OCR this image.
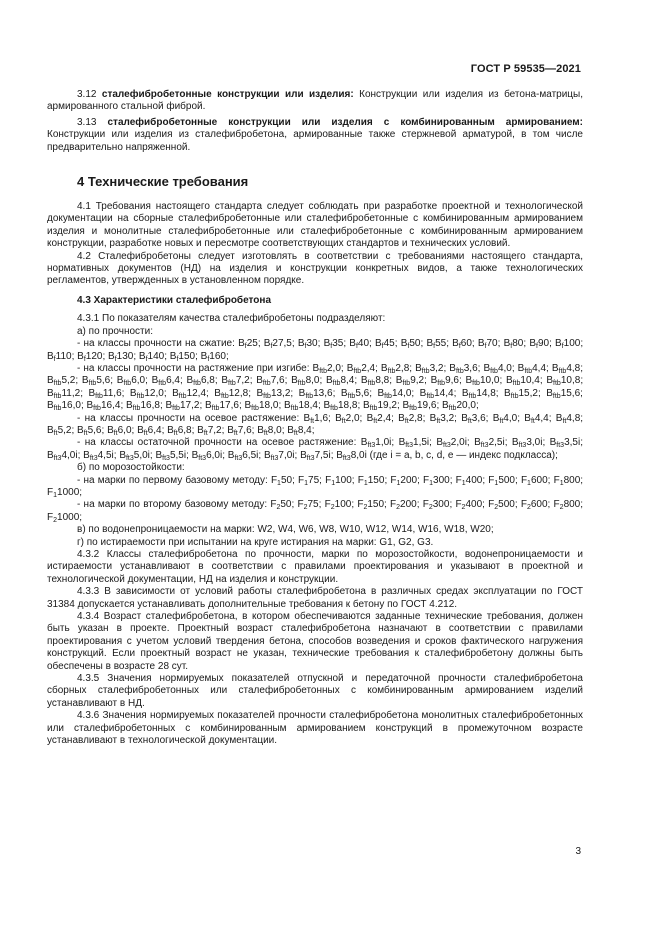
ГОСТ Р 59535—2021

3.12 сталефибробетонные конструкции или изделия: Конструкции или изделия из бетона-матрицы, армированного стальной фиброй.

3.13 сталефибробетонные конструкции или изделия с комбинированным армированием: Конструкции или изделия из сталефибробетона, армированные также стержневой арматурой, в том числе предварительно напряженной.

4 Технические требования

4.1 Требования настоящего стандарта следует соблюдать при разработке проектной и технологической документации на сборные сталефибробетонные или сталефибробетонные с комбинированным армированием изделия и монолитные сталефибробетонные или сталефибробетонные с комбинированным армированием конструкции, разработке новых и пересмотре соответствующих стандартов и технических условий.

4.2 Сталефибробетоны следует изготовлять в соответствии с требованиями настоящего стандарта, нормативных документов (НД) на изделия и конструкции конкретных видов, а также технологических регламентов, утвержденных в установленном порядке.

4.3 Характеристики сталефибробетона

4.3.1 По показателям качества сталефибробетоны подразделяют:

а) по прочности:

- на классы прочности на сжатие: $B_f25$; $B_f27,5$; $B_f30$; $B_f35$; $B_f40$; $B_f45$; $B_f50$; $B_f55$; $B_f60$; $B_f70$; $B_f80$; $B_f90$; $B_f100$; $B_f110$; $B_f120$; $B_f130$; $B_f140$; $B_f150$; $B_f160$;

- на классы прочности на растяжение при изгибе: $B_{ftb}2,0$; $B_{ftb}2,4$; $B_{ftb}2,8$; $B_{ftb}3,2$; $B_{ftb}3,6$; $B_{ftb}4,0$; $B_{ftb}4,4$; $B_{ftb}4,8$; $B_{ftb}5,2$; $B_{ftb}5,6$; $B_{ftb}6,0$; $B_{ftb}6,4$; $B_{ftb}6,8$; $B_{ftb}7,2$; $B_{ftb}7,6$; $B_{ftb}8,0$; $B_{ftb}8,4$; $B_{ftb}8,8$; $B_{ftb}9,2$; $B_{ftb}9,6$; $B_{ftb}10,0$; $B_{ftb}10,4$; $B_{ftb}10,8$; $B_{ftb}11,2$; $B_{ftb}11,6$; $B_{ftb}12,0$; $B_{ftb}12,4$; $B_{ftb}12,8$; $B_{ftb}13,2$; $B_{ftb}13,6$; $B_{ftb}5,6$; $B_{ftb}14,0$; $B_{ftb}14,4$; $B_{ftb}14,8$; $B_{ftb}15,2$; $B_{ftb}15,6$; $B_{ftb}16,0$; $B_{ftb}16,4$; $B_{ftb}16,8$; $B_{ftb}17,2$; $B_{ftb}17,6$; $B_{ftb}18,0$; $B_{ftb}18,4$; $B_{ftb}18,8$; $B_{ftb}19,2$; $B_{ftb}19,6$; $B_{ftb}20,0$;

- на классы прочности на осевое растяжение: $B_{ft}1,6$; $B_{ft}2,0$; $B_{ft}2,4$; $B_{ft}2,8$; $B_{ft}3,2$; $B_{ft}3,6$; $B_{ft}4,0$; $B_{ft}4,4$; $B_{ft}4,8$; $B_{ft}5,2$; $B_{ft}5,6$; $B_{ft}6,0$; $B_{ft}6,4$; $B_{ft}6,8$; $B_{ft}7,2$; $B_{ft}7,6$; $B_{ft}8,0$; $B_{ft}8,4$;

- на классы остаточной прочности на осевое растяжение: $B_{ft3}1,0i$; $B_{ft3}1,5i$; $B_{ft3}2,0i$; $B_{ft3}2,5i$; $B_{ft3}3,0i$; $B_{ft3}3,5i$; $B_{ft3}4,0i$; $B_{ft3}4,5i$; $B_{ft3}5,0i$; $B_{ft3}5,5i$; $B_{ft3}6,0i$; $B_{ft3}6,5i$; $B_{ft3}7,0i$; $B_{ft3}7,5i$; $B_{ft3}8,0i$ (где i = a, b, c, d, e — индекс подкласса);

б) по морозостойкости:

- на марки по первому базовому методу: $F_150$; $F_175$; $F_1100$; $F_1150$; $F_1200$; $F_1300$; $F_1400$; $F_1500$; $F_1600$; $F_1800$; $F_11000$;

- на марки по второму базовому методу: $F_250$; $F_275$; $F_2100$; $F_2150$; $F_2200$; $F_2300$; $F_2400$; $F_2500$; $F_2600$; $F_2800$; $F_21000$;

в) по водонепроницаемости на марки: W2, W4, W6, W8, W10, W12, W14, W16, W18, W20;

г) по истираемости при испытании на круге истирания на марки: G1, G2, G3.

4.3.2 Классы сталефибробетона по прочности, марки по морозостойкости, водонепроницаемости и истираемости устанавливают в соответствии с правилами проектирования и указывают в проектной и технологической документации, НД на изделия и конструкции.

4.3.3 В зависимости от условий работы сталефибробетона в различных средах эксплуатации по ГОСТ 31384 допускается устанавливать дополнительные требования к бетону по ГОСТ 4.212.

4.3.4 Возраст сталефибробетона, в котором обеспечиваются заданные технические требования, должен быть указан в проекте. Проектный возраст сталефибробетона назначают в соответствии с правилами проектирования с учетом условий твердения бетона, способов возведения и сроков фактического нагружения конструкций. Если проектный возраст не указан, технические требования к сталефибробетону должны быть обеспечены в возрасте 28 сут.

4.3.5 Значения нормируемых показателей отпускной и передаточной прочности сталефибробетона сборных сталефибробетонных или сталефибробетонных с комбинированным армированием изделий устанавливают в НД.

4.3.6 Значения нормируемых показателей прочности сталефибробетона монолитных сталефибробетонных или сталефибробетонных с комбинированным армированием конструкций в промежуточном возрасте устанавливают в технологической документации.

3
